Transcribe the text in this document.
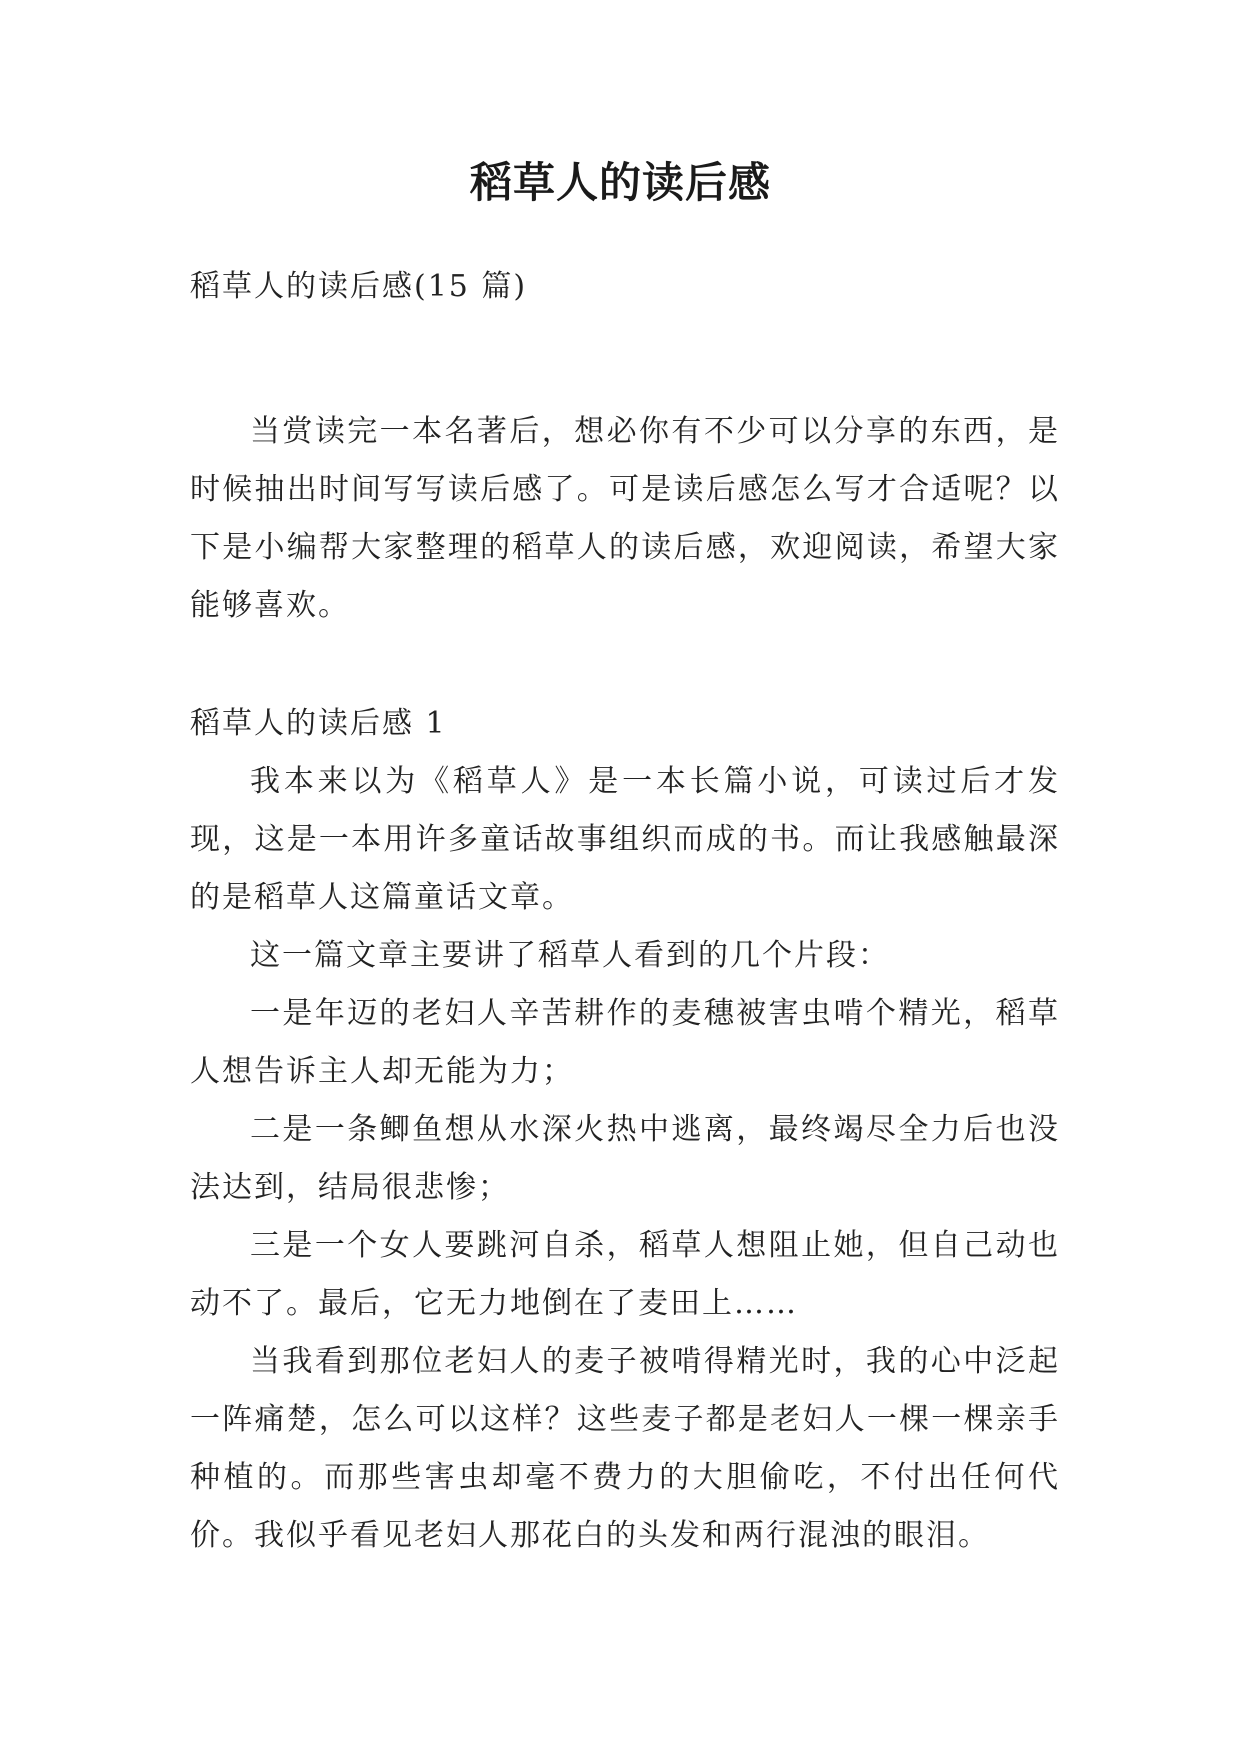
稻草人的读后感

稻草人的读后感(15 篇)

当赏读完一本名著后，想必你有不少可以分享的东西，是时候抽出时间写写读后感了。可是读后感怎么写才合适呢？以下是小编帮大家整理的稻草人的读后感，欢迎阅读，希望大家能够喜欢。

稻草人的读后感 1

我本来以为《稻草人》是一本长篇小说，可读过后才发现，这是一本用许多童话故事组织而成的书。而让我感触最深的是稻草人这篇童话文章。

这一篇文章主要讲了稻草人看到的几个片段：

一是年迈的老妇人辛苦耕作的麦穗被害虫啃个精光，稻草人想告诉主人却无能为力；

二是一条鲫鱼想从水深火热中逃离，最终竭尽全力后也没法达到，结局很悲惨；

三是一个女人要跳河自杀，稻草人想阻止她，但自己动也动不了。最后，它无力地倒在了麦田上……

当我看到那位老妇人的麦子被啃得精光时，我的心中泛起一阵痛楚，怎么可以这样？这些麦子都是老妇人一棵一棵亲手种植的。而那些害虫却毫不费力的大胆偷吃，不付出任何代价。我似乎看见老妇人那花白的头发和两行混浊的眼泪。
